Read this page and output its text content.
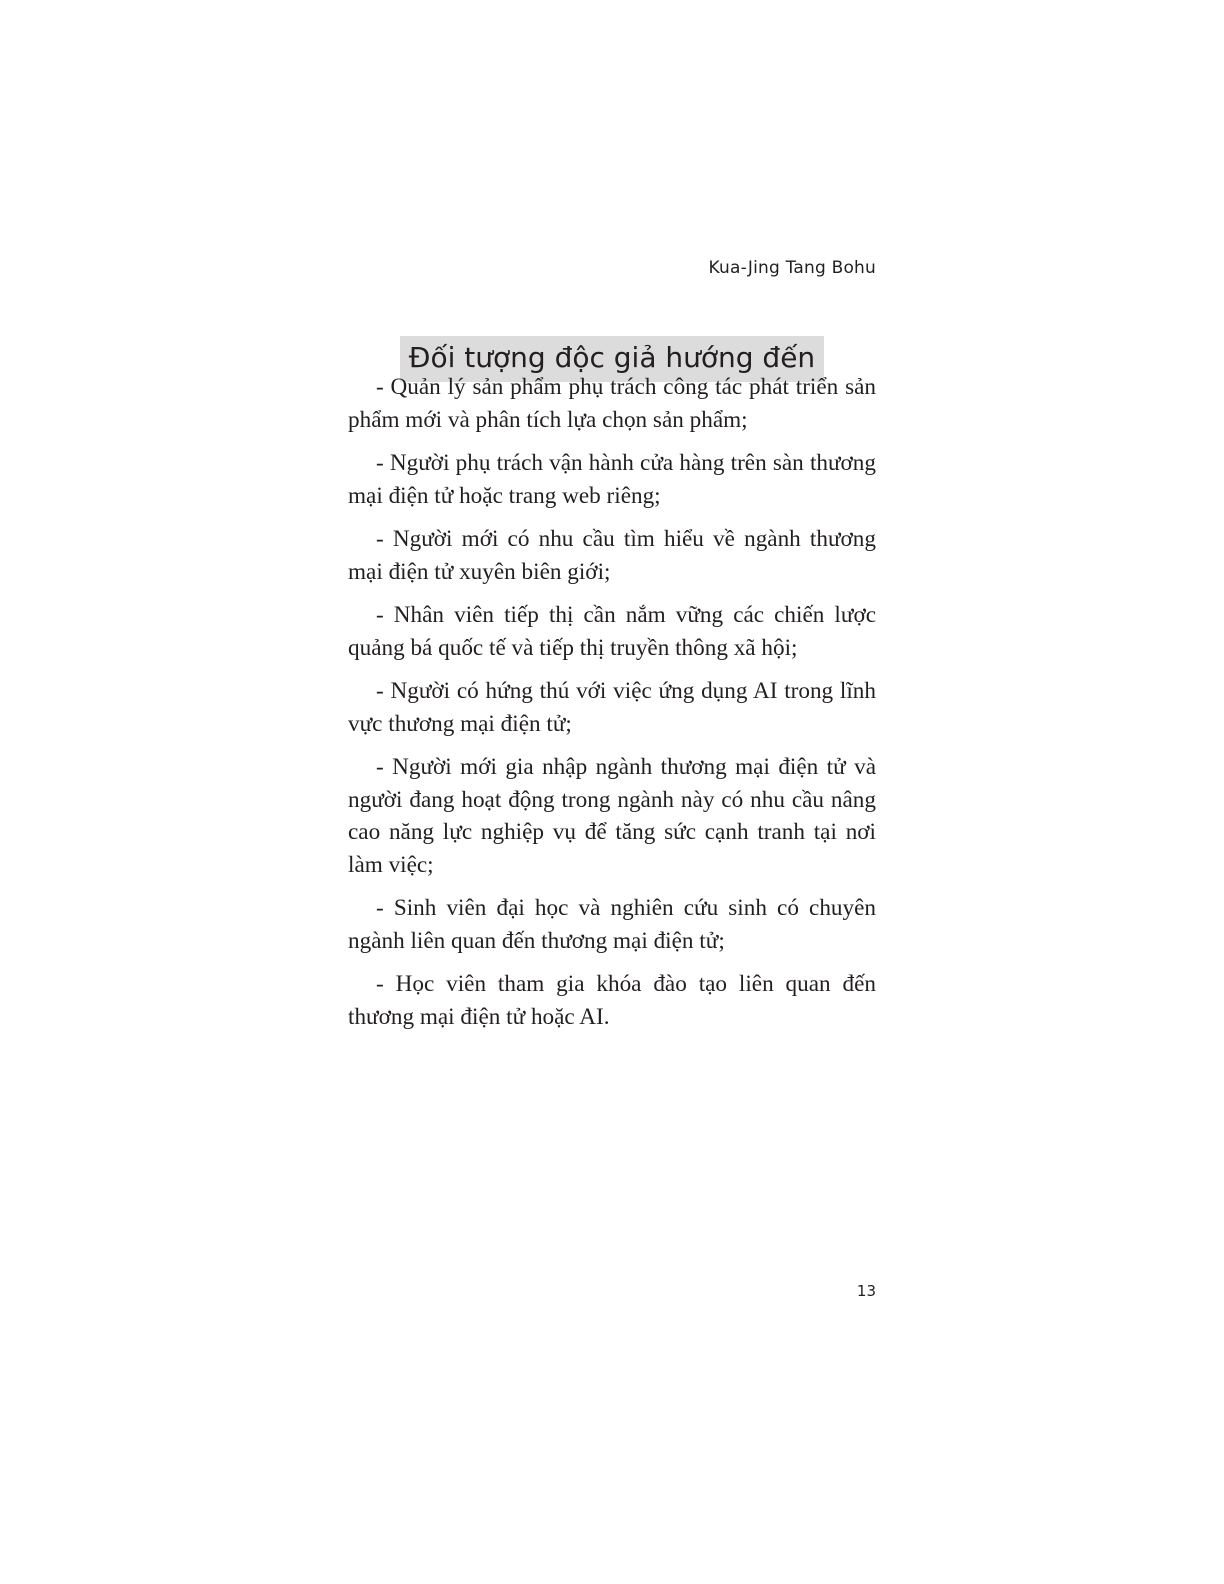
Kua-Jing Tang Bohu
Đối tượng độc giả hướng đến

- Quản lý sản phẩm phụ trách công tác phát triển sản phẩm mới và phân tích lựa chọn sản phẩm;

- Người phụ trách vận hành cửa hàng trên sàn thương mại điện tử hoặc trang web riêng;

- Người mới có nhu cầu tìm hiểu về ngành thương mại điện tử xuyên biên giới;

- Nhân viên tiếp thị cần nắm vững các chiến lược quảng bá quốc tế và tiếp thị truyền thông xã hội;

- Người có hứng thú với việc ứng dụng AI trong lĩnh vực thương mại điện tử;

- Người mới gia nhập ngành thương mại điện tử và người đang hoạt động trong ngành này có nhu cầu nâng cao năng lực nghiệp vụ để tăng sức cạnh tranh tại nơi làm việc;

- Sinh viên đại học và nghiên cứu sinh có chuyên ngành liên quan đến thương mại điện tử;

- Học viên tham gia khóa đào tạo liên quan đến thương mại điện tử hoặc AI.

13
